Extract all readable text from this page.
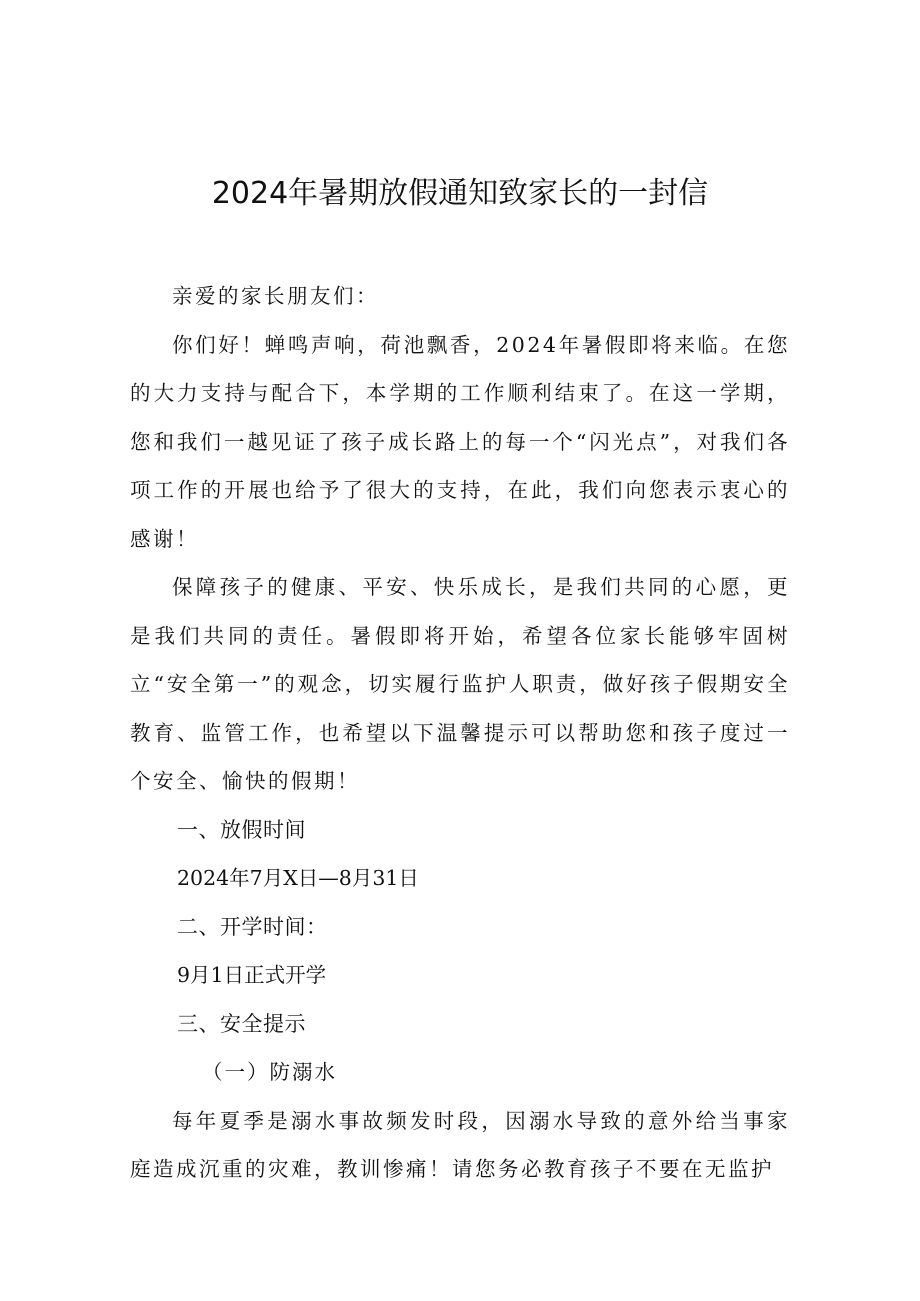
2024年暑期放假通知致家长的一封信

亲爱的家长朋友们：

你们好！蝉鸣声响，荷池飘香，2024年暑假即将来临。在您的大力支持与配合下，本学期的工作顺利结束了。在这一学期，您和我们一越见证了孩子成长路上的每一个“闪光点”，对我们各项工作的开展也给予了很大的支持，在此，我们向您表示衷心的感谢！

保障孩子的健康、平安、快乐成长，是我们共同的心愿，更是我们共同的责任。暑假即将开始，希望各位家长能够牢固树立“安全第一”的观念，切实履行监护人职责，做好孩子假期安全教育、监管工作，也希望以下温馨提示可以帮助您和孩子度过一个安全、愉快的假期！

一、放假时间

2024年7月X日—8月31日

二、开学时间：

9月1日正式开学

三、安全提示

（一）防溺水

每年夏季是溺水事故频发时段，因溺水导致的意外给当事家庭造成沉重的灾难，教训惨痛！请您务必教育孩子不要在无监护
